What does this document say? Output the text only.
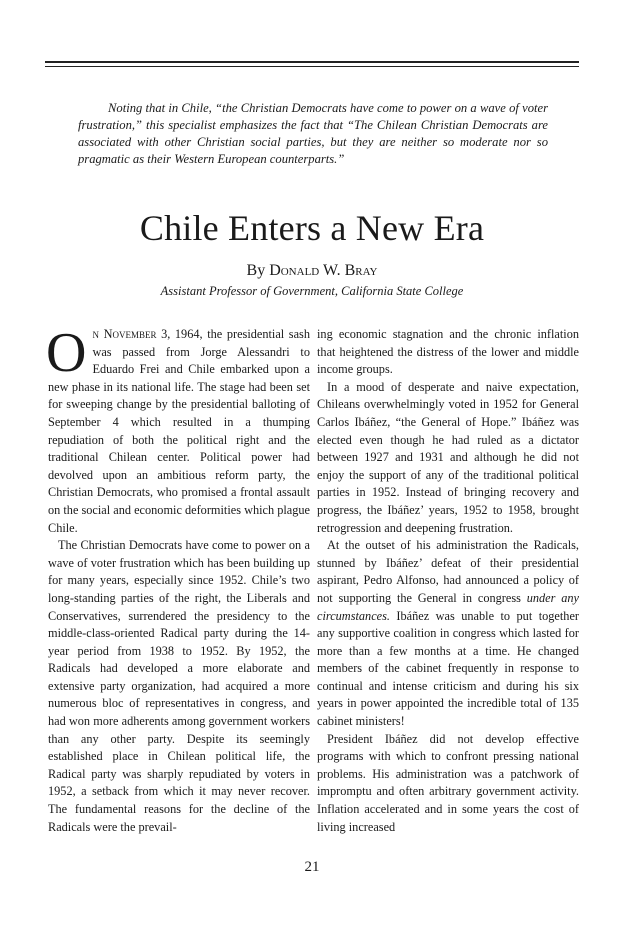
Noting that in Chile, “the Christian Democrats have come to power on a wave of voter frustration,” this specialist emphasizes the fact that “The Chilean Christian Democrats are associated with other Christian social parties, but they are neither so moderate nor so pragmatic as their Western European counterparts.”
Chile Enters a New Era
By Donald W. Bray
Assistant Professor of Government, California State College

On November 3, 1964, the presidential sash was passed from Jorge Alessandri to Eduardo Frei and Chile embarked upon a new phase in its national life. The stage had been set for sweeping change by the presidential balloting of September 4 which resulted in a thumping repudiation of both the political right and the traditional Chilean center. Political power had devolved upon an ambitious reform party, the Christian Democrats, who promised a frontal assault on the social and economic deformities which plague Chile.

The Christian Democrats have come to power on a wave of voter frustration which has been building up for many years, especially since 1952. Chile’s two long-standing parties of the right, the Liberals and Conservatives, surrendered the presidency to the middle-class-oriented Radical party during the 14-year period from 1938 to 1952. By 1952, the Radicals had developed a more elaborate and extensive party organization, had acquired a more numerous bloc of representatives in congress, and had won more adherents among government workers than any other party. Despite its seemingly established place in Chilean political life, the Radical party was sharply repudiated by voters in 1952, a setback from which it may never recover. The fundamental reasons for the decline of the Radicals were the prevail-

ing economic stagnation and the chronic inflation that heightened the distress of the lower and middle income groups.

In a mood of desperate and naive expectation, Chileans overwhelmingly voted in 1952 for General Carlos Ibáñez, “the General of Hope.” Ibáñez was elected even though he had ruled as a dictator between 1927 and 1931 and although he did not enjoy the support of any of the traditional political parties in 1952. Instead of bringing recovery and progress, the Ibáñez’ years, 1952 to 1958, brought retrogression and deepening frustration.

At the outset of his administration the Radicals, stunned by Ibáñez’ defeat of their presidential aspirant, Pedro Alfonso, had announced a policy of not supporting the General in congress under any circumstances. Ibáñez was unable to put together any supportive coalition in congress which lasted for more than a few months at a time. He changed members of the cabinet frequently in response to continual and intense criticism and during his six years in power appointed the incredible total of 135 cabinet ministers!

President Ibáñez did not develop effective programs with which to confront pressing national problems. His administration was a patchwork of impromptu and often arbitrary government activity. Inflation accelerated and in some years the cost of living increased

21
